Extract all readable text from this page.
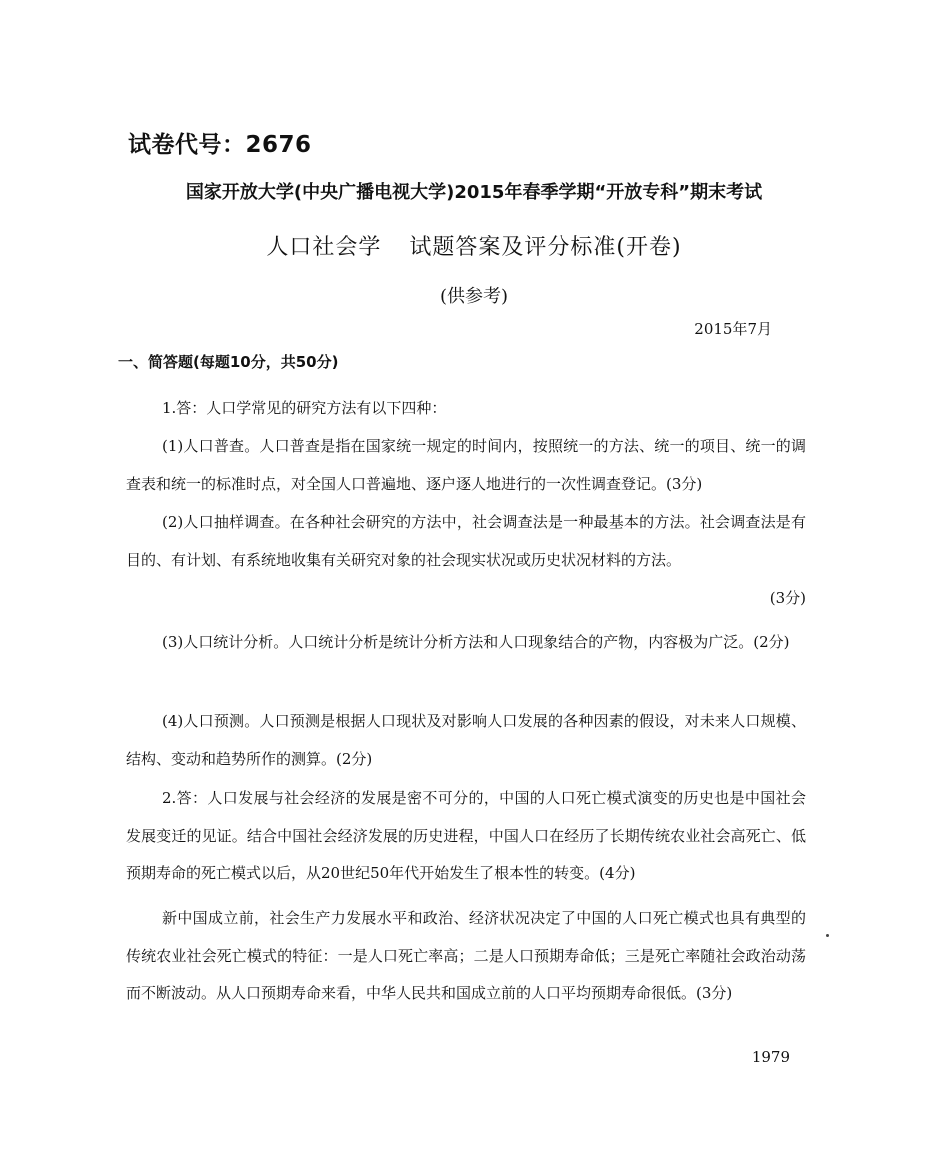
试卷代号：2676
国家开放大学(中央广播电视大学)2015年春季学期“开放专科”期末考试
人口社会学 试题答案及评分标准(开卷)
(供参考)
2015年7月
一、简答题(每题10分，共50分)

1.答：人口学常见的研究方法有以下四种：

(1)人口普查。人口普查是指在国家统一规定的时间内，按照统一的方法、统一的项目、统一的调查表和统一的标准时点，对全国人口普遍地、逐户逐人地进行的一次性调查登记。(3分)

(2)人口抽样调查。在各种社会研究的方法中，社会调查法是一种最基本的方法。社会调查法是有目的、有计划、有系统地收集有关研究对象的社会现实状况或历史状况材料的方法。

(3分)

(3)人口统计分析。人口统计分析是统计分析方法和人口现象结合的产物，内容极为广泛。(2分)

(4)人口预测。人口预测是根据人口现状及对影响人口发展的各种因素的假设，对未来人口规模、结构、变动和趋势所作的测算。(2分)

2.答：人口发展与社会经济的发展是密不可分的，中国的人口死亡模式演变的历史也是中国社会发展变迁的见证。结合中国社会经济发展的历史进程，中国人口在经历了长期传统农业社会高死亡、低预期寿命的死亡模式以后，从20世纪50年代开始发生了根本性的转变。(4分)

新中国成立前，社会生产力发展水平和政治、经济状况决定了中国的人口死亡模式也具有典型的传统农业社会死亡模式的特征：一是人口死亡率高；二是人口预期寿命低；三是死亡率随社会政治动荡而不断波动。从人口预期寿命来看，中华人民共和国成立前的人口平均预期寿命很低。(3分)

1979
